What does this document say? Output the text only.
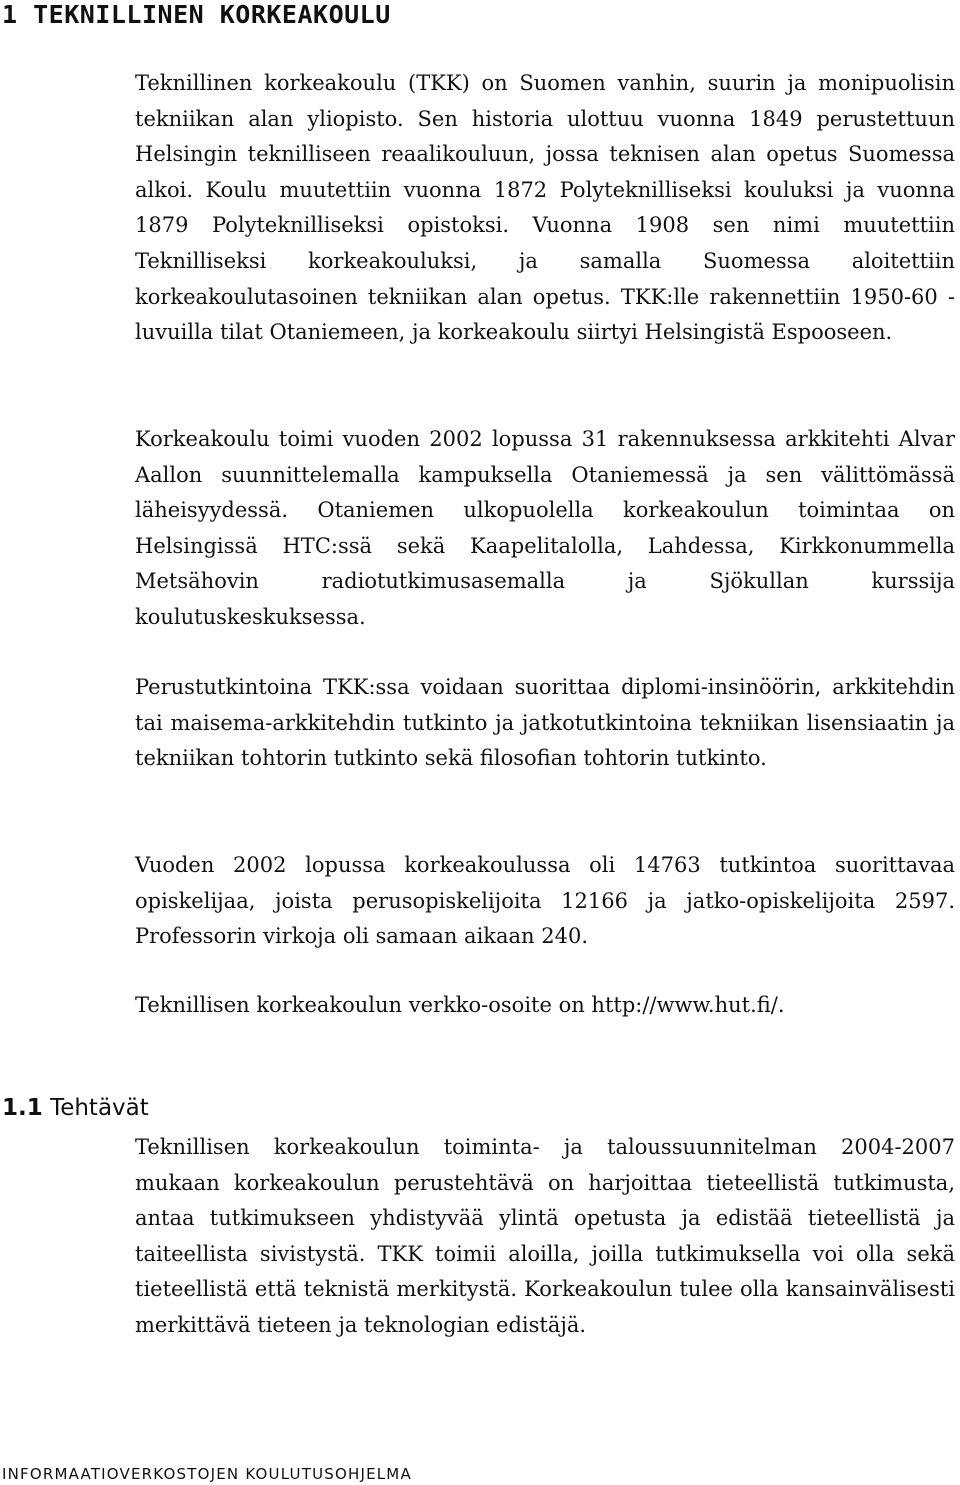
1 TEKNILLINEN KORKEAKOULU

Teknillinen korkeakoulu (TKK) on Suomen vanhin, suurin ja monipuolisin tekniikan alan yliopisto. Sen historia ulottuu vuonna 1849 perustettuun Helsingin teknilliseen reaalikouluun, jossa teknisen alan opetus Suomessa alkoi. Koulu muutettiin vuonna 1872 Polyteknilliseksi kouluksi ja vuonna 1879 Polyteknilliseksi opistoksi. Vuonna 1908 sen nimi muutettiin Teknilliseksi korkeakouluksi, ja samalla Suomessa aloitettiin korkeakoulutasoinen tekniikan alan opetus. TKK:lle rakennettiin 1950-60 -luvuilla tilat Otaniemeen, ja korkeakoulu siirtyi Helsingistä Espooseen.

Korkeakoulu toimi vuoden 2002 lopussa 31 rakennuksessa arkkitehti Alvar Aallon suunnittelemalla kampuksella Otaniemessä ja sen välittömässä läheisyydessä. Otaniemen ulkopuolella korkeakoulun toimintaa on Helsingissä HTC:ssä sekä Kaapelitalolla, Lahdessa, Kirkkonummella Metsähovin radiotutkimusasemalla ja Sjökullan kurssija koulutuskeskuksessa.

Perustutkintoina TKK:ssa voidaan suorittaa diplomi-insinöörin, arkkitehdin tai maisema-arkkitehdin tutkinto ja jatkotutkintoina tekniikan lisensiaatin ja tekniikan tohtorin tutkinto sekä filosofian tohtorin tutkinto.

Vuoden 2002 lopussa korkeakoulussa oli 14763 tutkintoa suorittavaa opiskelijaa, joista perusopiskelijoita 12166 ja jatko-opiskelijoita 2597. Professorin virkoja oli samaan aikaan 240.

Teknillisen korkeakoulun verkko-osoite on http://www.hut.fi/.

1.1 Tehtävät

Teknillisen korkeakoulun toiminta- ja taloussuunnitelman 2004-2007 mukaan korkeakoulun perustehtävä on harjoittaa tieteellistä tutkimusta, antaa tutkimukseen yhdistyvää ylintä opetusta ja edistää tieteellistä ja taiteellista sivistystä. TKK toimii aloilla, joilla tutkimuksella voi olla sekä tieteellistä että teknistä merkitystä. Korkeakoulun tulee olla kansainvälisesti merkittävä tieteen ja teknologian edistäjä.

INFORMAATIOVERKOSTOJEN KOULUTUSOHJELMA
